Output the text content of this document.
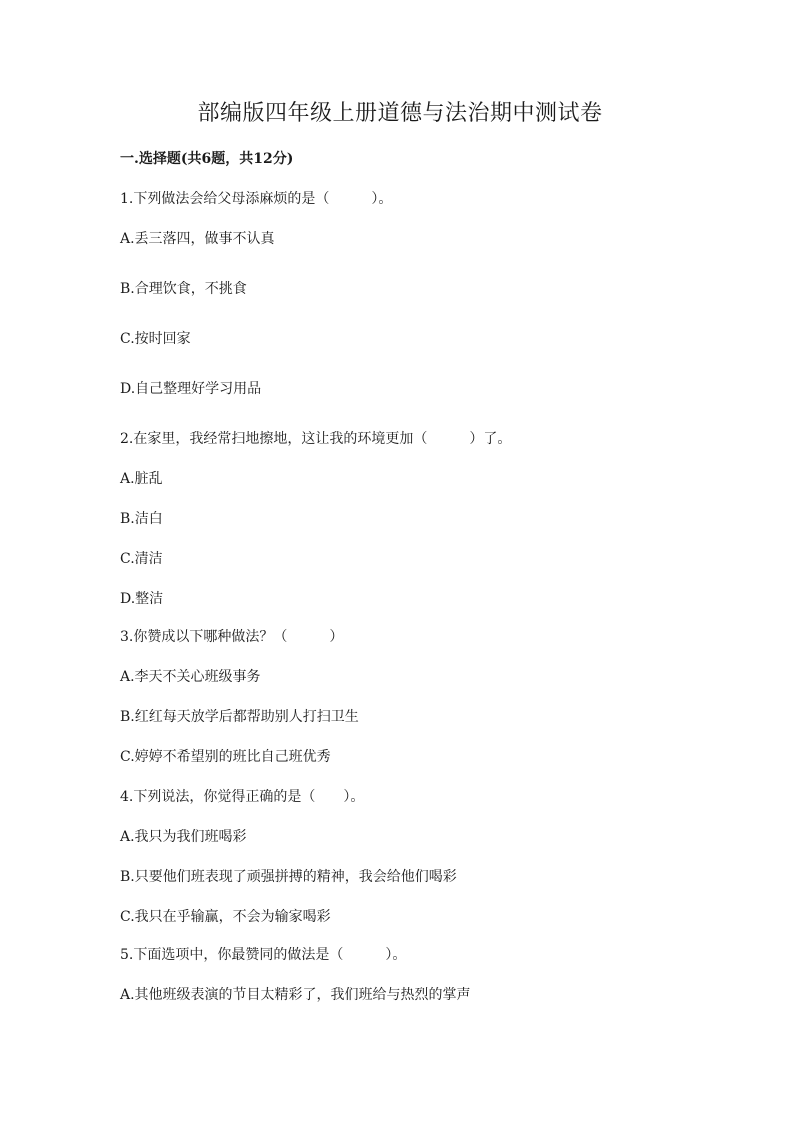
部编版四年级上册道德与法治期中测试卷
一.选择题(共6题，共12分)
1.下列做法会给父母添麻烦的是（　　　）。
A.丢三落四，做事不认真
B.合理饮食，不挑食
C.按时回家
D.自己整理好学习用品
2.在家里，我经常扫地擦地，这让我的环境更加（　　　）了。
A.脏乱
B.洁白
C.清洁
D.整洁
3.你赞成以下哪种做法？（　　　）
A.李天不关心班级事务
B.红红每天放学后都帮助别人打扫卫生
C.婷婷不希望别的班比自己班优秀
4.下列说法，你觉得正确的是（　　）。
A.我只为我们班喝彩
B.只要他们班表现了顽强拼搏的精神，我会给他们喝彩
C.我只在乎输赢，不会为输家喝彩
5.下面选项中，你最赞同的做法是（　　　）。
A.其他班级表演的节目太精彩了，我们班给与热烈的掌声
